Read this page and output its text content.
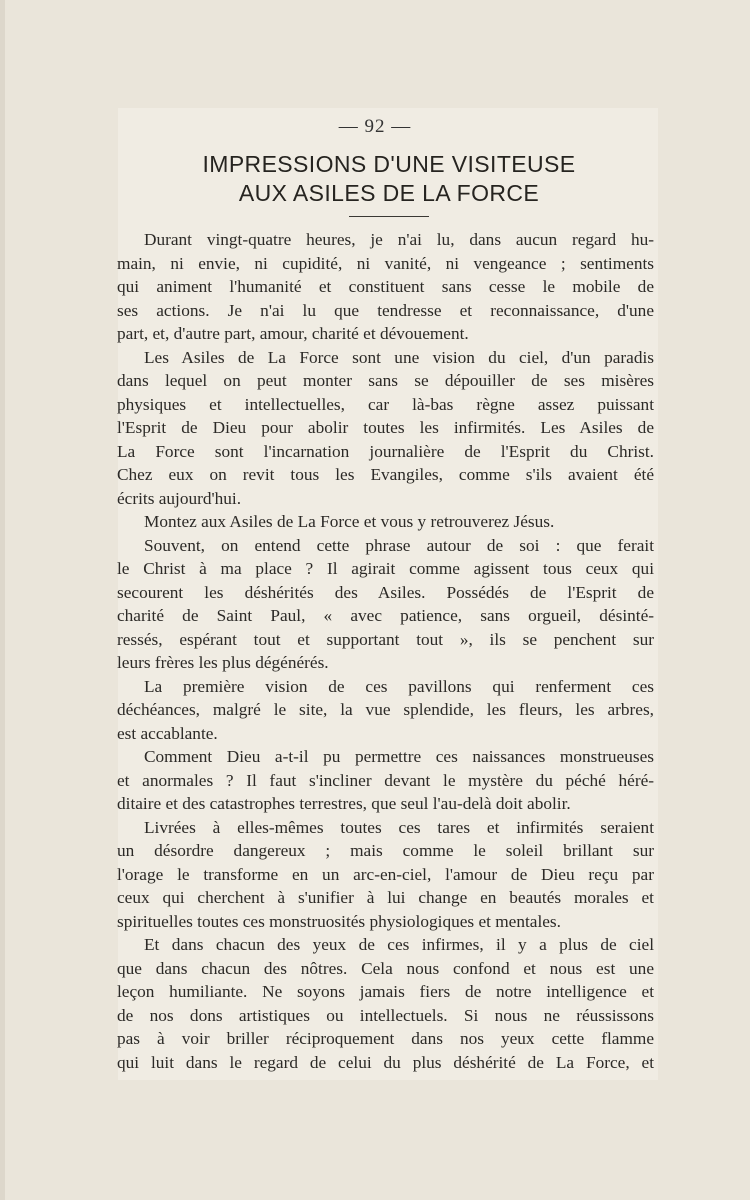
— 92 —
IMPRESSIONS D'UNE VISITEUSE
AUX ASILES DE LA FORCE
Durant vingt-quatre heures, je n'ai lu, dans aucun regard hu-
main, ni envie, ni cupidité, ni vanité, ni vengeance ; sentiments
qui animent l'humanité et constituent sans cesse le mobile de
ses actions. Je n'ai lu que tendresse et reconnaissance, d'une
part, et, d'autre part, amour, charité et dévouement.
Les Asiles de La Force sont une vision du ciel, d'un paradis
dans lequel on peut monter sans se dépouiller de ses misères
physiques et intellectuelles, car là-bas règne assez puissant
l'Esprit de Dieu pour abolir toutes les infirmités. Les Asiles de
La Force sont l'incarnation journalière de l'Esprit du Christ.
Chez eux on revit tous les Evangiles, comme s'ils avaient été
écrits aujourd'hui.
Montez aux Asiles de La Force et vous y retrouverez Jésus.
Souvent, on entend cette phrase autour de soi : que ferait
le Christ à ma place ? Il agirait comme agissent tous ceux qui
secourent les déshérités des Asiles. Possédés de l'Esprit de
charité de Saint Paul, « avec patience, sans orgueil, désinté-
ressés, espérant tout et supportant tout », ils se penchent sur
leurs frères les plus dégénérés.
La première vision de ces pavillons qui renferment ces
déchéances, malgré le site, la vue splendide, les fleurs, les arbres,
est accablante.
Comment Dieu a-t-il pu permettre ces naissances monstrueuses
et anormales ? Il faut s'incliner devant le mystère du péché héré-
ditaire et des catastrophes terrestres, que seul l'au-delà doit abolir.
Livrées à elles-mêmes toutes ces tares et infirmités seraient
un désordre dangereux ; mais comme le soleil brillant sur
l'orage le transforme en un arc-en-ciel, l'amour de Dieu reçu par
ceux qui cherchent à s'unifier à lui change en beautés morales et
spirituelles toutes ces monstruosités physiologiques et mentales.
Et dans chacun des yeux de ces infirmes, il y a plus de ciel
que dans chacun des nôtres. Cela nous confond et nous est une
leçon humiliante. Ne soyons jamais fiers de notre intelligence et
de nos dons artistiques ou intellectuels. Si nous ne réussissons
pas à voir briller réciproquement dans nos yeux cette flamme
qui luit dans le regard de celui du plus déshérité de La Force, et
